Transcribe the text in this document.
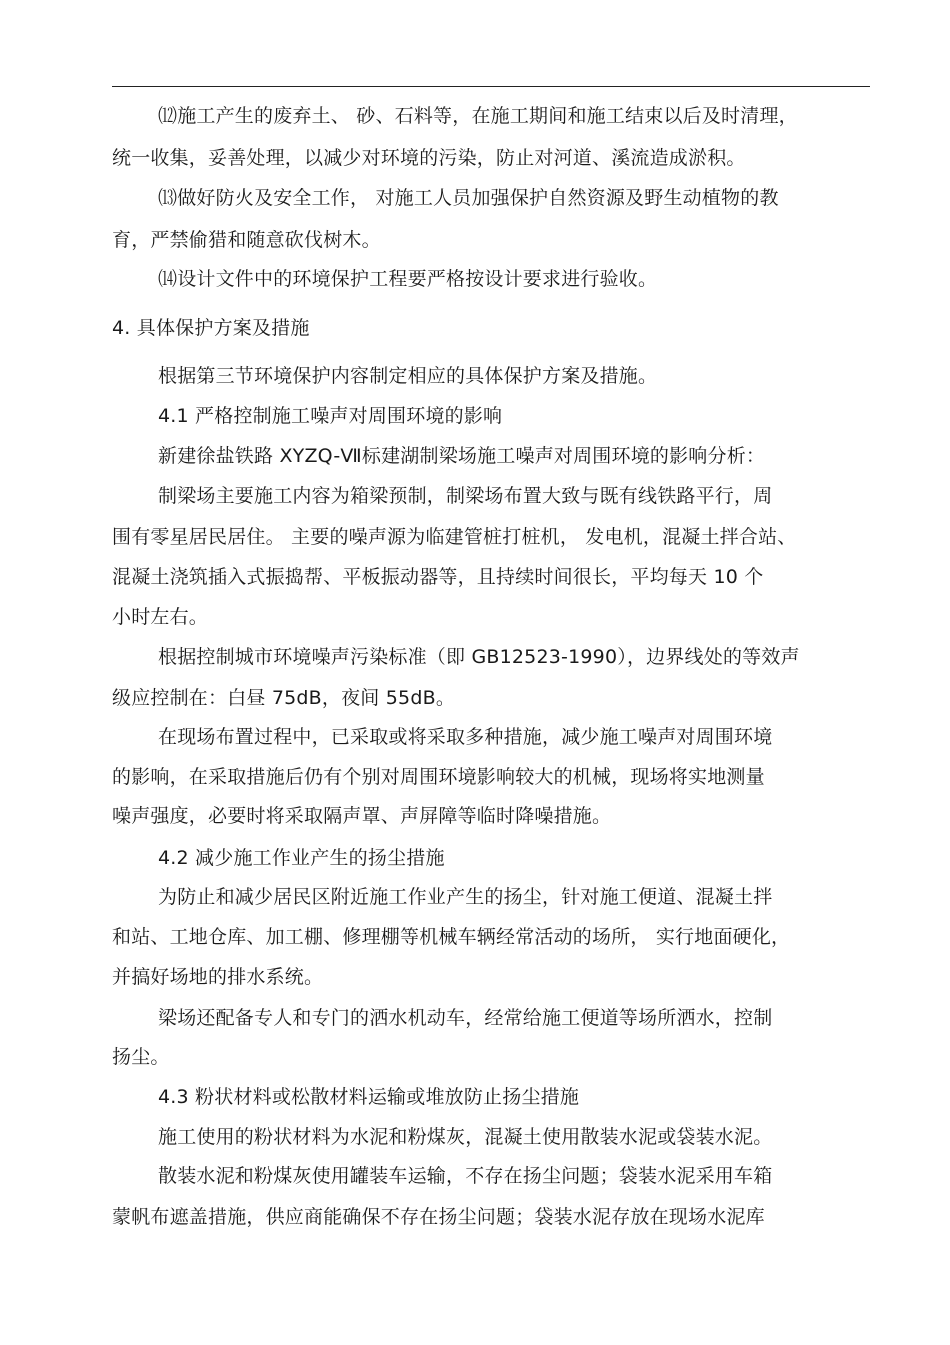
⑿施工产生的废弃土、 砂、石料等，在施工期间和施工结束以后及时清理，
统一收集，妥善处理，以减少对环境的污染，防止对河道、溪流造成淤积。
⒀做好防火及安全工作， 对施工人员加强保护自然资源及野生动植物的教
育，严禁偷猎和随意砍伐树木。
⒁设计文件中的环境保护工程要严格按设计要求进行验收。
4. 具体保护方案及措施
根据第三节环境保护内容制定相应的具体保护方案及措施。
4.1 严格控制施工噪声对周围环境的影响
新建徐盐铁路 XYZQ-Ⅶ标建湖制梁场施工噪声对周围环境的影响分析：
制梁场主要施工内容为箱梁预制，制梁场布置大致与既有线铁路平行，周
围有零星居民居住。 主要的噪声源为临建管桩打桩机， 发电机，混凝土拌合站、
混凝土浇筑插入式振捣帮、平板振动器等，且持续时间很长，平均每天 10 个
小时左右。
根据控制城市环境噪声污染标准（即 GB12523-1990），边界线处的等效声
级应控制在：白昼 75dB，夜间 55dB。
在现场布置过程中，已采取或将采取多种措施，减少施工噪声对周围环境
的影响，在采取措施后仍有个别对周围环境影响较大的机械，现场将实地测量
噪声强度，必要时将采取隔声罩、声屏障等临时降噪措施。
4.2 减少施工作业产生的扬尘措施
为防止和减少居民区附近施工作业产生的扬尘，针对施工便道、混凝土拌
和站、工地仓库、加工棚、修理棚等机械车辆经常活动的场所， 实行地面硬化，
并搞好场地的排水系统。
梁场还配备专人和专门的洒水机动车，经常给施工便道等场所洒水，控制
扬尘。
4.3 粉状材料或松散材料运输或堆放防止扬尘措施
施工使用的粉状材料为水泥和粉煤灰，混凝土使用散装水泥或袋装水泥。
散装水泥和粉煤灰使用罐装车运输，不存在扬尘问题；袋装水泥采用车箱
蒙帆布遮盖措施，供应商能确保不存在扬尘问题；袋装水泥存放在现场水泥库
